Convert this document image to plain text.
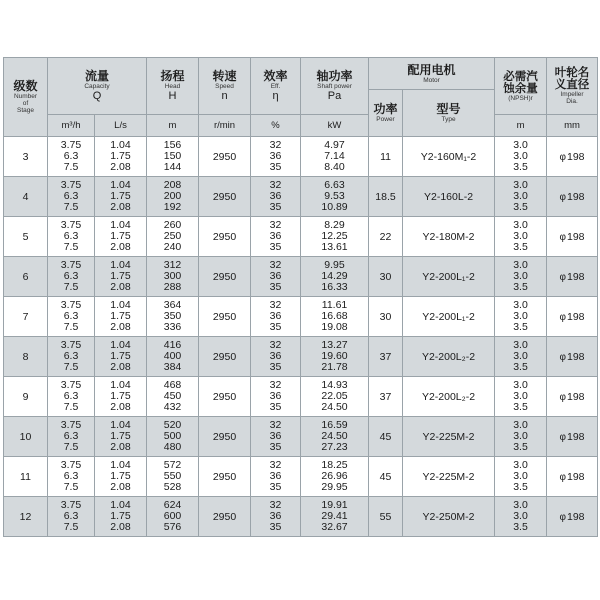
级数
Number
of
Stage	流量
Capacity
Q		扬程
Head
H	转速
Speed
n	效率
Eff.
η	轴功率
Shaft power
Pa	配用电机
Motor		必需汽
蚀余量
(NPSH)r	叶轮名
义直径
Impeller
Dia.

							功率
Power	型号
Type		

	m³/h	L/s	m	r/min	%	kW			m	mm
3	3.75
6.3
7.5	1.04
1.75
2.08	156
150
144	2950	32
36
35	4.97
7.14
8.40	11	Y2-160M₁-2	3.0
3.0
3.5	φ198
4	3.75
6.3
7.5	1.04
1.75
2.08	208
200
192	2950	32
36
35	6.63
9.53
10.89	18.5	Y2-160L-2	3.0
3.0
3.5	φ198
5	3.75
6.3
7.5	1.04
1.75
2.08	260
250
240	2950	32
36
35	8.29
12.25
13.61	22	Y2-180M-2	3.0
3.0
3.5	φ198
6	3.75
6.3
7.5	1.04
1.75
2.08	312
300
288	2950	32
36
35	9.95
14.29
16.33	30	Y2-200L₁-2	3.0
3.0
3.5	φ198
7	3.75
6.3
7.5	1.04
1.75
2.08	364
350
336	2950	32
36
35	11.61
16.68
19.08	30	Y2-200L₁-2	3.0
3.0
3.5	φ198
8	3.75
6.3
7.5	1.04
1.75
2.08	416
400
384	2950	32
36
35	13.27
19.60
21.78	37	Y2-200L₂-2	3.0
3.0
3.5	φ198
9	3.75
6.3
7.5	1.04
1.75
2.08	468
450
432	2950	32
36
35	14.93
22.05
24.50	37	Y2-200L₂-2	3.0
3.0
3.5	φ198
10	3.75
6.3
7.5	1.04
1.75
2.08	520
500
480	2950	32
36
35	16.59
24.50
27.23	45	Y2-225M-2	3.0
3.0
3.5	φ198
11	3.75
6.3
7.5	1.04
1.75
2.08	572
550
528	2950	32
36
35	18.25
26.96
29.95	45	Y2-225M-2	3.0
3.0
3.5	φ198
12	3.75
6.3
7.5	1.04
1.75
2.08	624
600
576	2950	32
36
35	19.91
29.41
32.67	55	Y2-250M-2	3.0
3.0
3.5	φ198
